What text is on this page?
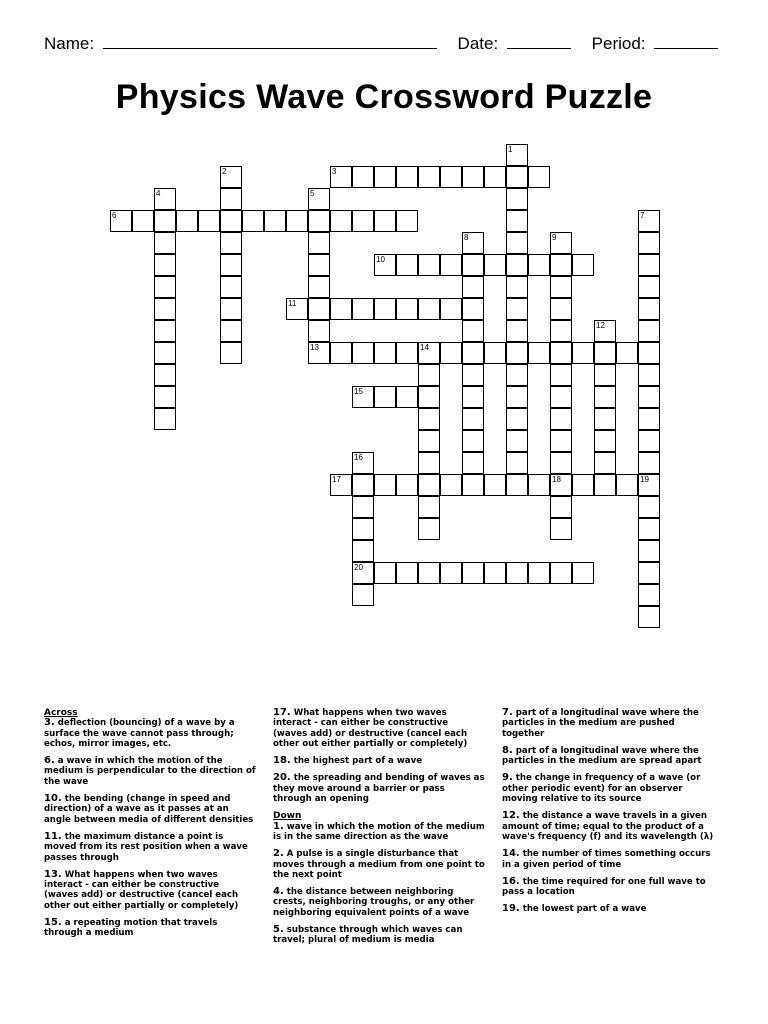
Name:	Date:	Period:
Physics Wave Crossword Puzzle
1
2	3
4	5
6	7
8	9
10
11
12
13	14
15
16
17	18	19
20
Across

3. deflection (bouncing) of a wave by a surface the wave cannot pass through; echos, mirror images, etc.

6. a wave in which the motion of the medium is perpendicular to the direction of the wave

10. the bending (change in speed and direction) of a wave as it passes at an angle between media of different densities

11. the maximum distance a point is moved from its rest position when a wave passes through

13. What happens when two waves interact - can either be constructive (waves add) or destructive (cancel each other out either partially or completely)

15. a repeating motion that travels through a medium

17. What happens when two waves interact - can either be constructive (waves add) or destructive (cancel each other out either partially or completely)

18. the highest part of a wave

20. the spreading and bending of waves as they move around a barrier or pass through an opening

Down

1. wave in which the motion of the medium is in the same direction as the wave

2. A pulse is a single disturbance that moves through a medium from one point to the next point

4. the distance between neighboring crests, neighboring troughs, or any other neighboring equivalent points of a wave

5. substance through which waves can travel; plural of medium is media

7. part of a longitudinal wave where the particles in the medium are pushed together

8. part of a longitudinal wave where the particles in the medium are spread apart

9. the change in frequency of a wave (or other periodic event) for an observer moving relative to its source

12. the distance a wave travels in a given amount of time; equal to the product of a wave's frequency (f) and its wavelength (λ)

14. the number of times something occurs in a given period of time

16. the time required for one full wave to pass a location

19. the lowest part of a wave
